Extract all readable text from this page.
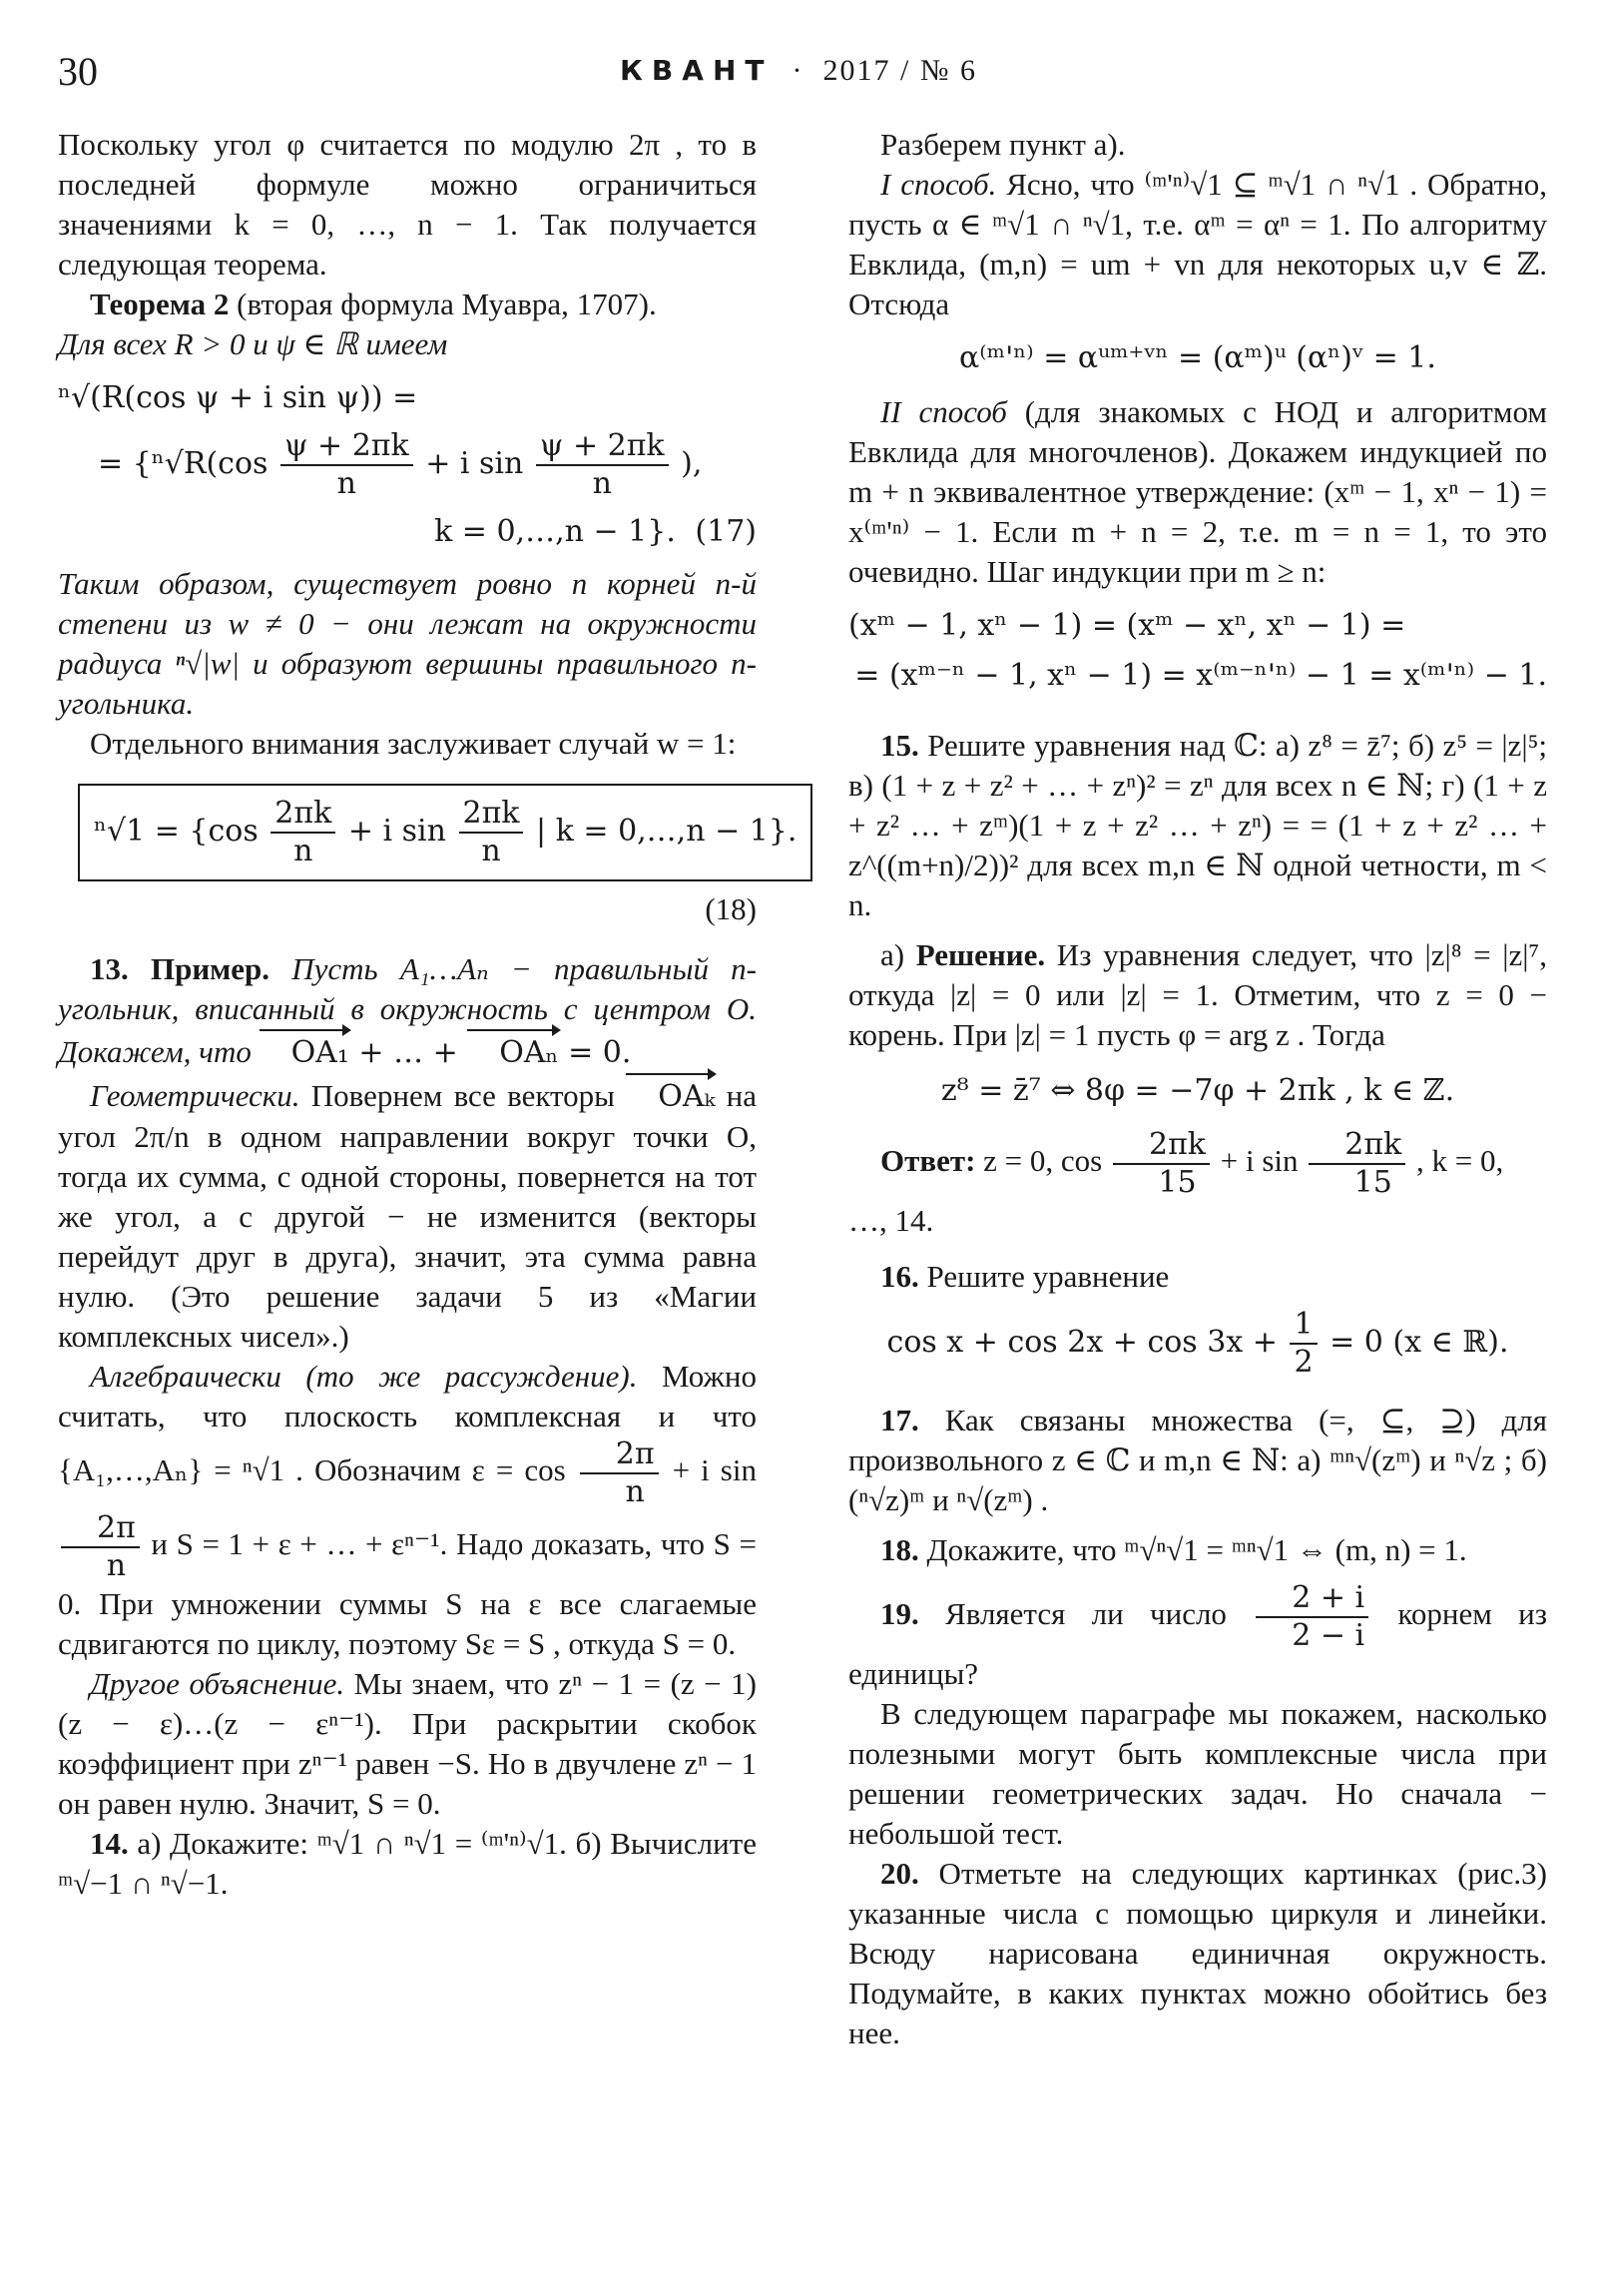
30	КВАНТ · 2017 / № 6

Поскольку угол φ считается по модулю 2π , то в последней формуле можно ограничиться значениями k = 0, …, n − 1. Так получается следующая теорема.

Теорема 2 (вторая формула Муавра, 1707).

Для всех R > 0 и ψ ∈ ℝ имеем

ⁿ√(R(cos ψ + i sin ψ)) =
= {$^n√R(\cos \frac{\psi + 2\pi k}{n} + i$ $\sin \frac{\psi + 2\pi k}{n}$ ),
k = 0,…,n − 1}. (17)

Таким образом, существует ровно n корней n-й степени из w ≠ 0 − они лежат на окружности радиуса ⁿ√|w| и образуют вершины правильного n-угольника.

Отдельного внимания заслуживает случай w = 1:

$^n√1 = \{\cos \frac{2\pi k}{n} + i$ $\sin \frac{2\pi k}{n}$ | k = 0,…,n − 1}.

(18)

13. Пример. Пусть A₁…Aₙ − правильный n-угольник, вписанный в окружность с центром O. Докажем, что OA₁ + … + OAₙ = 0.

Геометрически. Повернем все векторы OAₖ на угол 2π/n в одном направлении вокруг точки O, тогда их сумма, с одной стороны, повернется на тот же угол, а с другой − не изменится (векторы перейдут друг в друга), значит, эта сумма равна нулю. (Это решение задачи 5 из «Магии комплексных чисел».)

Алгебраически (то же рассуждение). Можно считать, что плоскость комплексная и что {A₁,…,Aₙ} = ⁿ√1 . Обозначим $\varepsilon = \cos \frac{2\pi}{n} + i$ sin
$\frac{2\pi}{n}$ и S = 1 + ε + … + εⁿ⁻¹. Надо доказать, что S = 0. При умножении суммы S на ε все слагаемые сдвигаются по циклу, поэтому Sε = S , откуда S = 0.

Другое объяснение. Мы знаем, что zⁿ − 1 = (z − 1)(z − ε)…(z − εⁿ⁻¹). При раскрытии скобок коэффициент при zⁿ⁻¹ равен −S. Но в двучлене zⁿ − 1 он равен нулю. Значит, S = 0.

14. а) Докажите: ᵐ√1 ∩ ⁿ√1 = ⁽ᵐ'ⁿ⁾√1. б) Вычислите ᵐ√−1 ∩ ⁿ√−1.

Разберем пункт а).

I способ. Ясно, что ⁽ᵐ'ⁿ⁾√1 ⊆ ᵐ√1 ∩ ⁿ√1 . Обратно, пусть α ∈ ᵐ√1 ∩ ⁿ√1, т.е. αᵐ = αⁿ = 1. По алгоритму Евклида, (m,n) = um + vn для некоторых u,v ∈ ℤ. Отсюда

α⁽ᵐ'ⁿ⁾ = αᵘᵐ⁺ᵛⁿ = (αᵐ)ᵘ (αⁿ)ᵛ = 1.

II способ (для знакомых с НОД и алгоритмом Евклида для многочленов). Докажем индукцией по m + n эквивалентное утверждение: (xᵐ − 1, xⁿ − 1) = x⁽ᵐ'ⁿ⁾ − 1. Если m + n = 2, т.е. m = n = 1, то это очевидно. Шаг индукции при m ≥ n:

(xᵐ − 1, xⁿ − 1) = (xᵐ − xⁿ, xⁿ − 1) =
= (xᵐ⁻ⁿ − 1, xⁿ − 1) = x⁽ᵐ⁻ⁿ'ⁿ⁾ − 1 = x⁽ᵐ'ⁿ⁾ − 1.

15. Решите уравнения над ℂ: а) z⁸ = z̄⁷; б) z⁵ = |z|⁵; в) (1 + z + z² + … + zⁿ)² = zⁿ для всех n ∈ ℕ; г) (1 + z + z² … + zᵐ)(1 + z + z² … + zⁿ) = = (1 + z + z² … + z^((m+n)/2))² для всех m,n ∈ ℕ одной четности, m < n.

а) Решение. Из уравнения следует, что |z|⁸ = |z|⁷, откуда |z| = 0 или |z| = 1. Отметим, что z = 0 − корень. При |z| = 1 пусть φ = arg z . Тогда

z⁸ = z̄⁷ ⇔ 8φ = −7φ + 2πk , k ∈ ℤ.

Ответ: z = 0, $\cos \frac{2\pi k}{15} + i$ $\sin \frac{2\pi k}{15}$ , k = 0, …, 14.

16. Решите уравнение

$\cos x + \cos 2x + \cos 3x + \frac{1}{2} = 0$ (x ∈ ℝ).

17. Как связаны множества (=, ⊆, ⊇) для произвольного z ∈ ℂ и m,n ∈ ℕ: а) ᵐⁿ√(zᵐ) и ⁿ√z ; б) (ⁿ√z)ᵐ и ⁿ√(zᵐ) .

18. Докажите, что ᵐ√ⁿ√1 = ᵐⁿ√1 ⇔ (m, n) = 1.

19. Является ли число $\frac{2 + i}{2 - i}$ корнем из единицы?

В следующем параграфе мы покажем, насколько полезными могут быть комплексные числа при решении геометрических задач. Но сначала − небольшой тест.

20. Отметьте на следующих картинках (рис.3) указанные числа с помощью циркуля и линейки. Всюду нарисована единичная окружность. Подумайте, в каких пунктах можно обойтись без нее.
